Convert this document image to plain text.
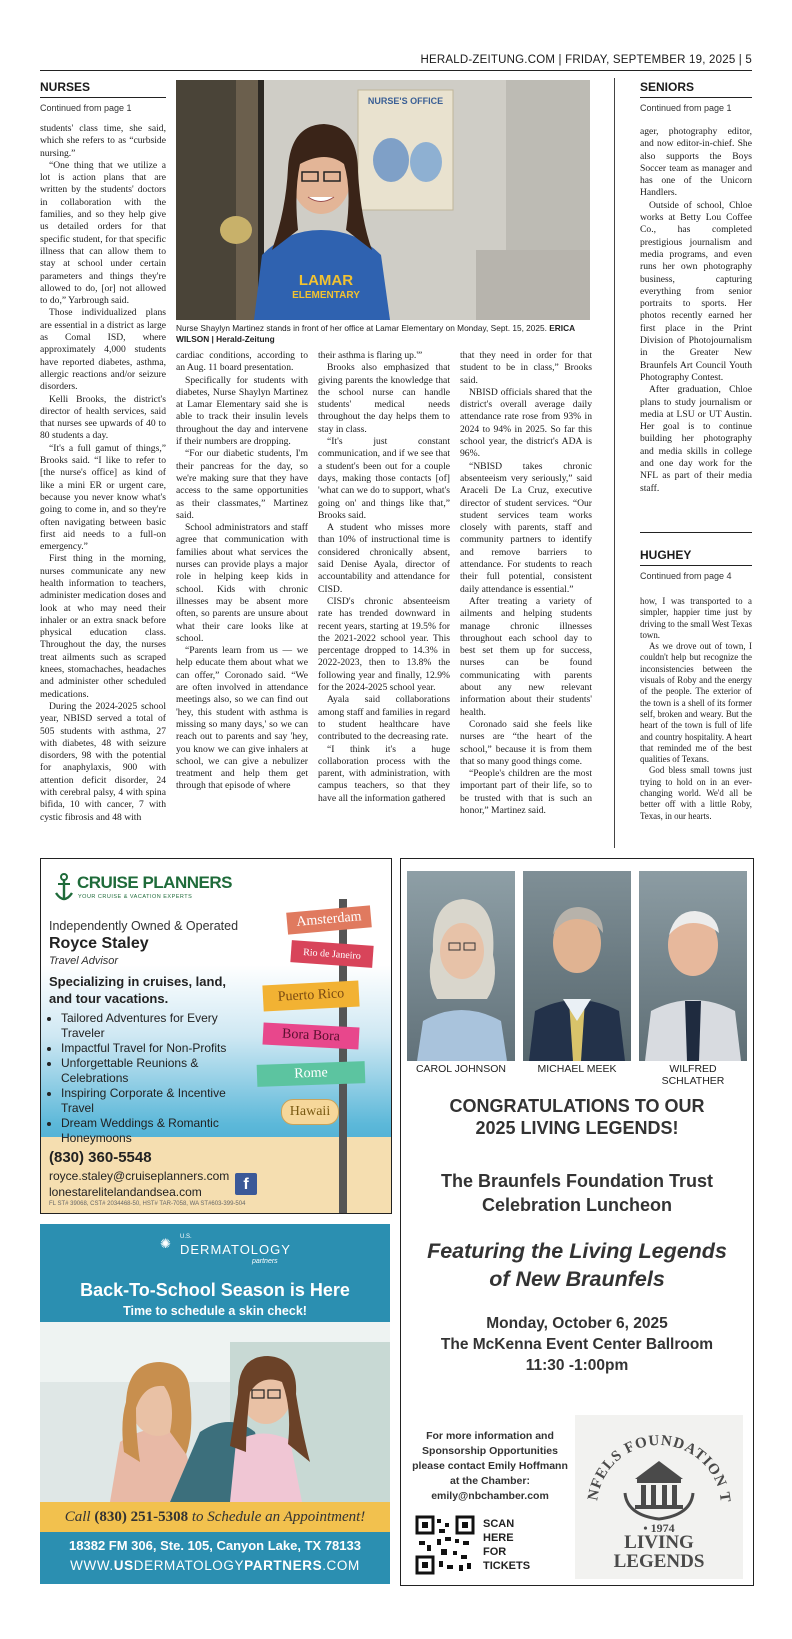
HERALD-ZEITUNG.COM | FRIDAY, SEPTEMBER 19, 2025 | 5
NURSES
Continued from page 1

students' class time, she said, which she refers to as “curbside nursing.”

“One thing that we utilize a lot is action plans that are written by the students' doctors in collaboration with the families, and so they help give us detailed orders for that specific student, for that specific illness that can allow them to stay at school under certain parameters and things they're allowed to do, [or] not allowed to do,” Yarbrough said.

Those individualized plans are essential in a district as large as Comal ISD, where approximately 4,000 students have reported diabetes, asthma, allergic reactions and/or seizure disorders.

Kelli Brooks, the district's director of health services, said that nurses see upwards of 40 to 80 students a day.

“It's a full gamut of things,” Brooks said. “I like to refer to [the nurse's office] as kind of like a mini ER or urgent care, because you never know what's going to come in, and so they're often navigating between basic first aid needs to a full-on emergency.”

First thing in the morning, nurses communicate any new health information to teachers, administer medication doses and look at who may need their inhaler or an extra snack before physical education class. Throughout the day, the nurses treat ailments such as scraped knees, stomachaches, headaches and administer other scheduled medications.

During the 2024-2025 school year, NBISD served a total of 505 students with asthma, 27 with diabetes, 48 with seizure disorders, 98 with the potential for anaphylaxis, 900 with attention deficit disorder, 24 with cerebral palsy, 4 with spina bifida, 10 with cancer, 7 with cystic fibrosis and 48 with

NURSE'S OFFICE
LAMAR
ELEMENTARY
Nurse Shaylyn Martinez stands in front of her office at Lamar Elementary on Monday, Sept. 15, 2025. ERICA WILSON | Herald-Zeitung

cardiac conditions, according to an Aug. 11 board presentation.

Specifically for students with diabetes, Nurse Shaylyn Martinez at Lamar Elementary said she is able to track their insulin levels throughout the day and intervene if their numbers are dropping.

“For our diabetic students, I'm their pancreas for the day, so we're making sure that they have access to the same opportunities as their classmates,” Martinez said.

School administrators and staff agree that communication with families about what services the nurses can provide plays a major role in helping keep kids in school. Kids with chronic illnesses may be absent more often, so parents are unsure about what their care looks like at school.

“Parents learn from us — we help educate them about what we can offer,” Coronado said. “We are often involved in attendance meetings also, so we can find out 'hey, this student with asthma is missing so many days,' so we can reach out to parents and say 'hey, you know we can give inhalers at school, we can give a nebulizer treatment and help them get through that episode of where

their asthma is flaring up.'”

Brooks also emphasized that giving parents the knowledge that the school nurse can handle students' medical needs throughout the day helps them to stay in class.

“It's just constant communication, and if we see that a student's been out for a couple days, making those contacts [of] 'what can we do to support, what's going on' and things like that,” Brooks said.

A student who misses more than 10% of instructional time is considered chronically absent, said Denise Ayala, director of accountability and attendance for CISD.

CISD's chronic absenteeism rate has trended downward in recent years, starting at 19.5% for the 2021-2022 school year. This percentage dropped to 14.3% in 2022-2023, then to 13.8% the following year and finally, 12.9% for the 2024-2025 school year.

Ayala said collaborations among staff and families in regard to student healthcare have contributed to the decreasing rate.

“I think it's a huge collaboration process with the parent, with administration, with campus teachers, so that they have all the information gathered

that they need in order for that student to be in class,” Brooks said.

NBISD officials shared that the district's overall average daily attendance rate rose from 93% in 2024 to 94% in 2025. So far this school year, the district's ADA is 96%.

“NBISD takes chronic absenteeism very seriously,” said Araceli De La Cruz, executive director of student services. “Our student services team works closely with parents, staff and community partners to identify and remove barriers to attendance. For students to reach their full potential, consistent daily attendance is essential.”

After treating a variety of ailments and helping students manage chronic illnesses throughout each school day to best set them up for success, nurses can be found communicating with parents about any new relevant information about their students' health.

Coronado said she feels like nurses are “the heart of the school,” because it is from them that so many good things come.

“People's children are the most important part of their life, so to be trusted with that is such an honor,” Martinez said.

SENIORS
Continued from page 1

ager, photography editor, and now editor-in-chief. She also supports the Boys Soccer team as manager and has one of the Unicorn Handlers.

Outside of school, Chloe works at Betty Lou Coffee Co., has completed prestigious journalism and media programs, and even runs her own photography business, capturing everything from senior portraits to sports. Her photos recently earned her first place in the Print Division of Photojournalism in the Greater New Braunfels Art Council Youth Photography Contest.

After graduation, Chloe plans to study journalism or media at LSU or UT Austin. Her goal is to continue building her photography and media skills in college and one day work for the NFL as part of their media staff.

HUGHEY
Continued from page 4

how, I was transported to a simpler, happier time just by driving to the small West Texas town.

As we drove out of town, I couldn't help but recognize the inconsistencies between the visuals of Roby and the energy of the people. The exterior of the town is a shell of its former self, broken and weary. But the heart of the town is full of life and country hospitality. A heart that reminded me of the best qualities of Texans.

God bless small towns just trying to hold on in an ever-changing world. We'd all be better off with a little Roby, Texas, in our hearts.

CRUISE PLANNERS
YOUR CRUISE & VACATION EXPERTS
Independently Owned & Operated
Royce Staley
Travel Advisor
Specializing in cruises, land, and tour vacations.
• Tailored Adventures for Every Traveler
• Impactful Travel for Non-Profits
• Unforgettable Reunions & Celebrations
• Inspiring Corporate & Incentive Travel
• Dream Weddings & Romantic Honeymoons
Amsterdam
Rio de Janeiro
Puerto Rico
Bora Bora
Rome
Hawaii
(830) 360-5548
royce.staley@cruiseplanners.com
lonestarelitelandandsea.com
FL ST# 39068, CST# 2034468-50, HST# TAR-7058, WA ST#603-399-504
f
✺ U.S.
DERMATOLOGY
partners
Back-To-School Season is Here
Time to schedule a skin check!
Call
(830) 251-5308
to Schedule an Appointment!
18382 FM 306, Ste. 105, Canyon Lake, TX 78133
WWW.USDERMATOLOGYPARTNERS.COM
CAROL JOHNSON	MICHAEL MEEK	WILFRED SCHLATHER
CONGRATULATIONS TO OUR
2025 LIVING LEGENDS!
The Braunfels Foundation Trust
Celebration Luncheon
Featuring the Living Legends
of New Braunfels
Monday, October 6, 2025
The McKenna Event Center Ballroom
11:30 -1:00pm
For more information and Sponsorship Opportunities please contact Emily Hoffmann at the Chamber: emily@nbchamber.com
SCAN
HERE
FOR
TICKETS
NFELS FOUNDATION T
• 1974
LIVING
LEGENDS
